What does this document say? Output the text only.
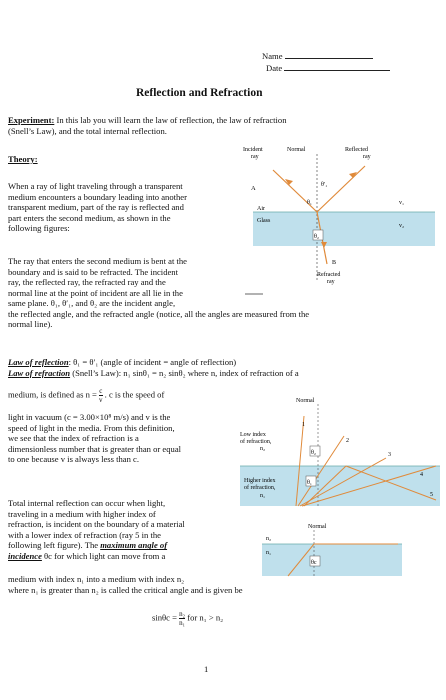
Name
Date
Reflection and Refraction
Experiment: In this lab you will learn the law of reflection, the law of refraction
(Snell’s Law), and the total internal reflection.
Theory:
When a ray of light traveling through a transparent
medium encounters a boundary leading into another
transparent medium, part of the ray is reflected and
part enters the second medium, as shown in the
following figures:
The ray that enters the second medium is bent at the
boundary and is said to be refracted. The incident
ray, the reflected ray, the refracted ray and the
normal line at the point of incident are all lie in the
same plane. θ₁, θ′₁, and θ₂ are the incident angle,
the reflected angle, and the refracted angle (notice, all the angles are measured from the
normal line).
Incident
ray
Normal	Reflected
ray
A
Air
Glass
θ₁
θ′₁
θ₂
v₁
v₂
B
Refracted
ray
Law of reflection: θ₁ = θ′₁ (angle of incident = angle of reflection)
Law of refraction (Snell’s Law): n₁ sinθ₁ = n₂ sinθ₂ where n, index of refraction of a
medium, is defined as $n = \frac{c}{v}$ . c is the speed of
light in vacuum (c = 3.00×10⁸ m/s) and v is the
speed of light in the media. From this definition,
we see that the index of refraction is a
dimensionless number that is greater than or equal
to one because v is always less than c.
Normal
1
2
3
4
5
Low index
of refraction,
n₂
Higher index
of refraction,
n₁
θ₂
θ₁
Total internal reflection can occur when light,
traveling in a medium with higher index of
refraction, is incident on the boundary of a material
with a lower index of refraction (ray 5 in the
following left figure). The maximum angle of
incidence θc for which light can move from a
medium with index n₁ into a medium with index n₂
where n₁ is greater than n₂ is called the critical angle and is given be
$\sin\theta c = \frac{\text{n₂}}{\text{n₁}}$ for n₁ > n₂
Normal
n₂
n₁
θc
1
